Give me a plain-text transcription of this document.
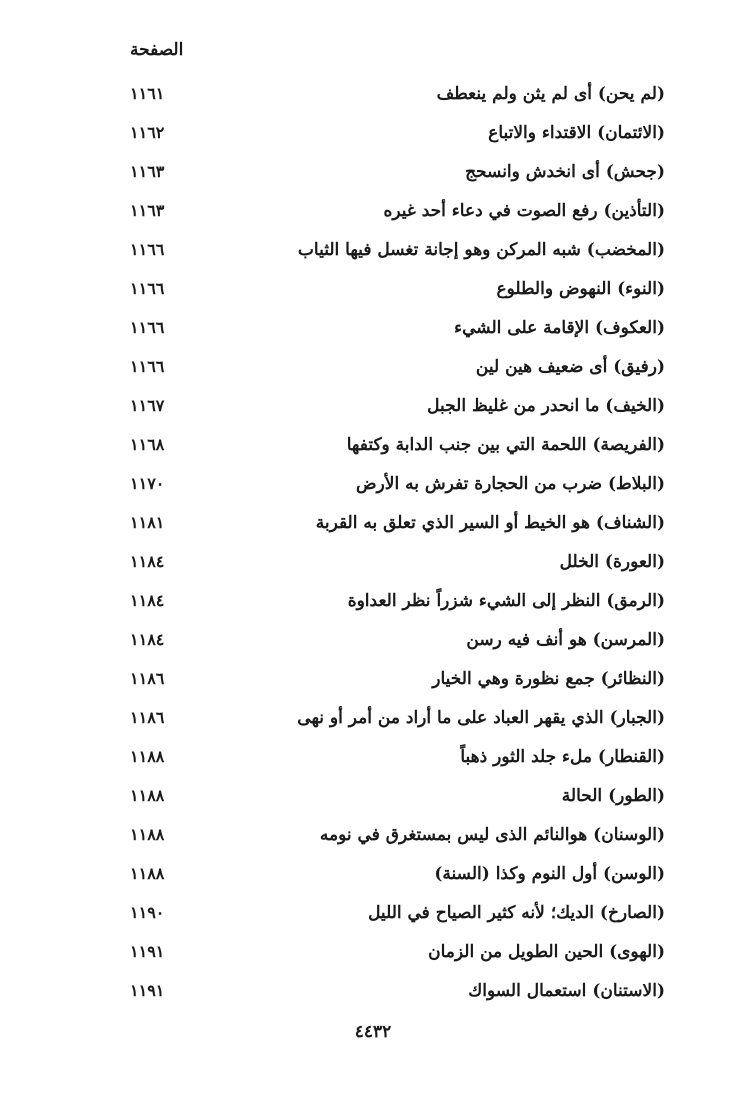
الصفحة
١١٦١	(لم يحن) أى لم يثن ولم ينعطف
١١٦٢	(الائتمان) الاقتداء والاتباع
١١٦٣	(جحش) أى انخدش وانسحج
١١٦٣	(التأذين) رفع الصوت في دعاء أحد غيره
١١٦٦	(المخضب) شبه المركن وهو إجانة تغسل فيها الثياب
١١٦٦	(النوء) النهوض والطلوع
١١٦٦	(العكوف) الإقامة على الشيء
١١٦٦	(رفيق) أى ضعيف هين لين
١١٦٧	(الخيف) ما انحدر من غليظ الجبل
١١٦٨	(الفريصة) اللحمة التي بين جنب الدابة وكتفها
١١٧٠	(البلاط) ضرب من الحجارة تفرش به الأرض
١١٨١	(الشناف) هو الخيط أو السير الذي تعلق به القربة
١١٨٤	(العورة) الخلل
١١٨٤	(الرمق) النظر إلى الشيء شزراً نظر العداوة
١١٨٤	(المرسن) هو أنف فيه رسن
١١٨٦	(النظائر) جمع نظورة وهي الخيار
١١٨٦	(الجبار) الذي يقهر العباد على ما أراد من أمر أو نهى
١١٨٨	(القنطار) ملء جلد الثور ذهباً
١١٨٨	(الطور) الحالة
١١٨٨	(الوسنان) هوالنائم الذى ليس بمستغرق في نومه
١١٨٨	(الوسن) أول النوم وكذا (السنة)
١١٩٠	(الصارخ) الديك؛ لأنه كثير الصياح في الليل
١١٩١	(الهوى) الحين الطويل من الزمان
١١٩١	(الاستنان) استعمال السواك
٤٤٣٢
